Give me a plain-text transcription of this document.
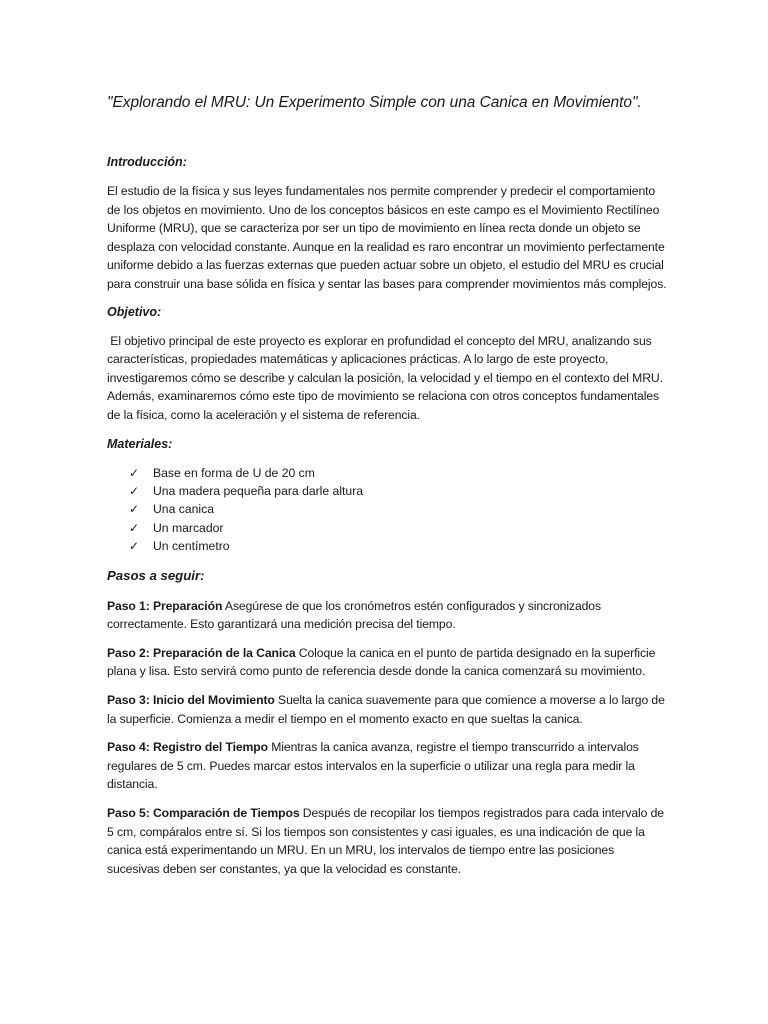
"Explorando el MRU: Un Experimento Simple con una Canica en Movimiento".
Introducción:

El estudio de la física y sus leyes fundamentales nos permite comprender y predecir el comportamiento de los objetos en movimiento. Uno de los conceptos básicos en este campo es el Movimiento Rectilíneo Uniforme (MRU), que se caracteriza por ser un tipo de movimiento en línea recta donde un objeto se desplaza con velocidad constante. Aunque en la realidad es raro encontrar un movimiento perfectamente uniforme debido a las fuerzas externas que pueden actuar sobre un objeto, el estudio del MRU es crucial para construir una base sólida en física y sentar las bases para comprender movimientos más complejos.

Objetivo:

El objetivo principal de este proyecto es explorar en profundidad el concepto del MRU, analizando sus características, propiedades matemáticas y aplicaciones prácticas. A lo largo de este proyecto, investigaremos cómo se describe y calculan la posición, la velocidad y el tiempo en el contexto del MRU. Además, examinaremos cómo este tipo de movimiento se relaciona con otros conceptos fundamentales de la física, como la aceleración y el sistema de referencia.

Materiales:
✓	Base en forma de U de 20 cm
✓	Una madera pequeña para darle altura
✓	Una canica
✓	Un marcador
✓	Un centímetro
Pasos a seguir:

Paso 1: Preparación Asegúrese de que los cronómetros estén configurados y sincronizados correctamente. Esto garantizará una medición precisa del tiempo.

Paso 2: Preparación de la Canica Coloque la canica en el punto de partida designado en la superficie plana y lisa. Esto servirá como punto de referencia desde donde la canica comenzará su movimiento.

Paso 3: Inicio del Movimiento Suelta la canica suavemente para que comience a moverse a lo largo de la superficie. Comienza a medir el tiempo en el momento exacto en que sueltas la canica.

Paso 4: Registro del Tiempo Mientras la canica avanza, registre el tiempo transcurrido a intervalos regulares de 5 cm. Puedes marcar estos intervalos en la superficie o utilizar una regla para medir la distancia.

Paso 5: Comparación de Tiempos Después de recopilar los tiempos registrados para cada intervalo de 5 cm, compáralos entre sí. Si los tiempos son consistentes y casi iguales, es una indicación de que la canica está experimentando un MRU. En un MRU, los intervalos de tiempo entre las posiciones sucesivas deben ser constantes, ya que la velocidad es constante.
